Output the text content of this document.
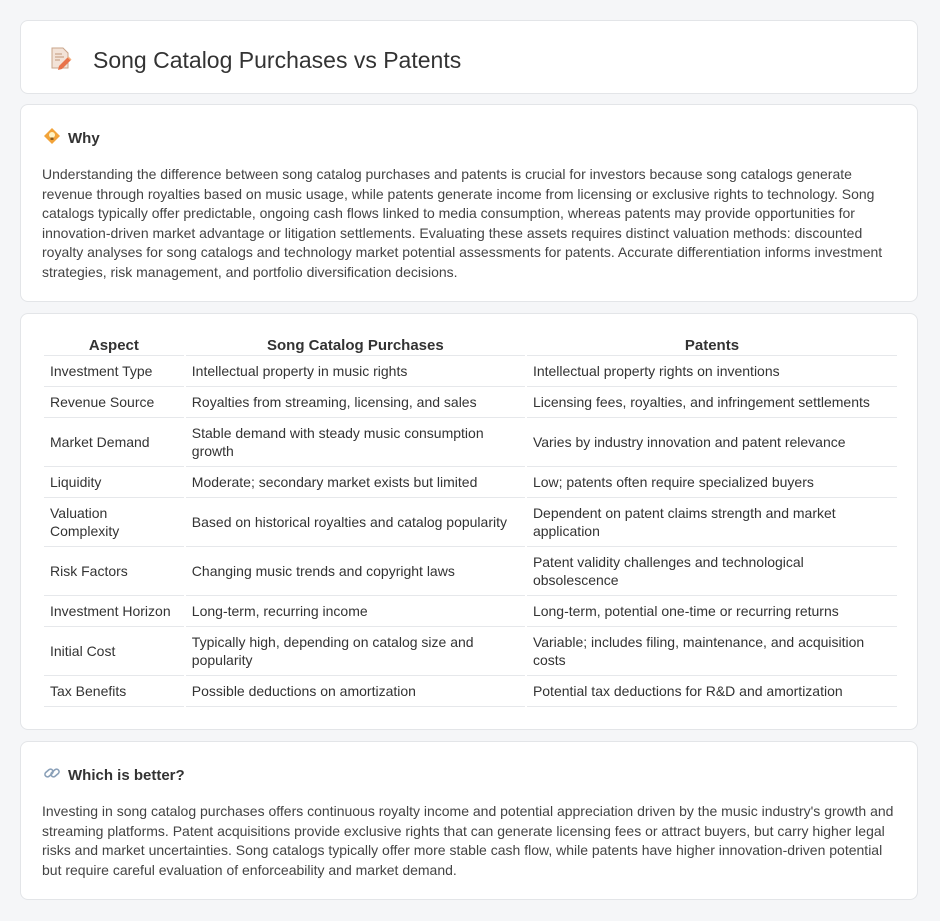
Song Catalog Purchases vs Patents
Why

Understanding the difference between song catalog purchases and patents is crucial for investors because song catalogs generate revenue through royalties based on music usage, while patents generate income from licensing or exclusive rights to technology. Song catalogs typically offer predictable, ongoing cash flows linked to media consumption, whereas patents may provide opportunities for innovation-driven market advantage or litigation settlements. Evaluating these assets requires distinct valuation methods: discounted royalty analyses for song catalogs and technology market potential assessments for patents. Accurate differentiation informs investment strategies, risk management, and portfolio diversification decisions.

Aspect	Song Catalog Purchases	Patents
Investment Type	Intellectual property in music rights	Intellectual property rights on inventions
Revenue Source	Royalties from streaming, licensing, and sales	Licensing fees, royalties, and infringement settlements
Market Demand	Stable demand with steady music consumption growth	Varies by industry innovation and patent relevance
Liquidity	Moderate; secondary market exists but limited	Low; patents often require specialized buyers
Valuation Complexity	Based on historical royalties and catalog popularity	Dependent on patent claims strength and market application
Risk Factors	Changing music trends and copyright laws	Patent validity challenges and technological obsolescence
Investment Horizon	Long-term, recurring income	Long-term, potential one-time or recurring returns
Initial Cost	Typically high, depending on catalog size and popularity	Variable; includes filing, maintenance, and acquisition costs
Tax Benefits	Possible deductions on amortization	Potential tax deductions for R&D and amortization
Which is better?

Investing in song catalog purchases offers continuous royalty income and potential appreciation driven by the music industry's growth and streaming platforms. Patent acquisitions provide exclusive rights that can generate licensing fees or attract buyers, but carry higher legal risks and market uncertainties. Song catalogs typically offer more stable cash flow, while patents have higher innovation-driven potential but require careful evaluation of enforceability and market demand.
